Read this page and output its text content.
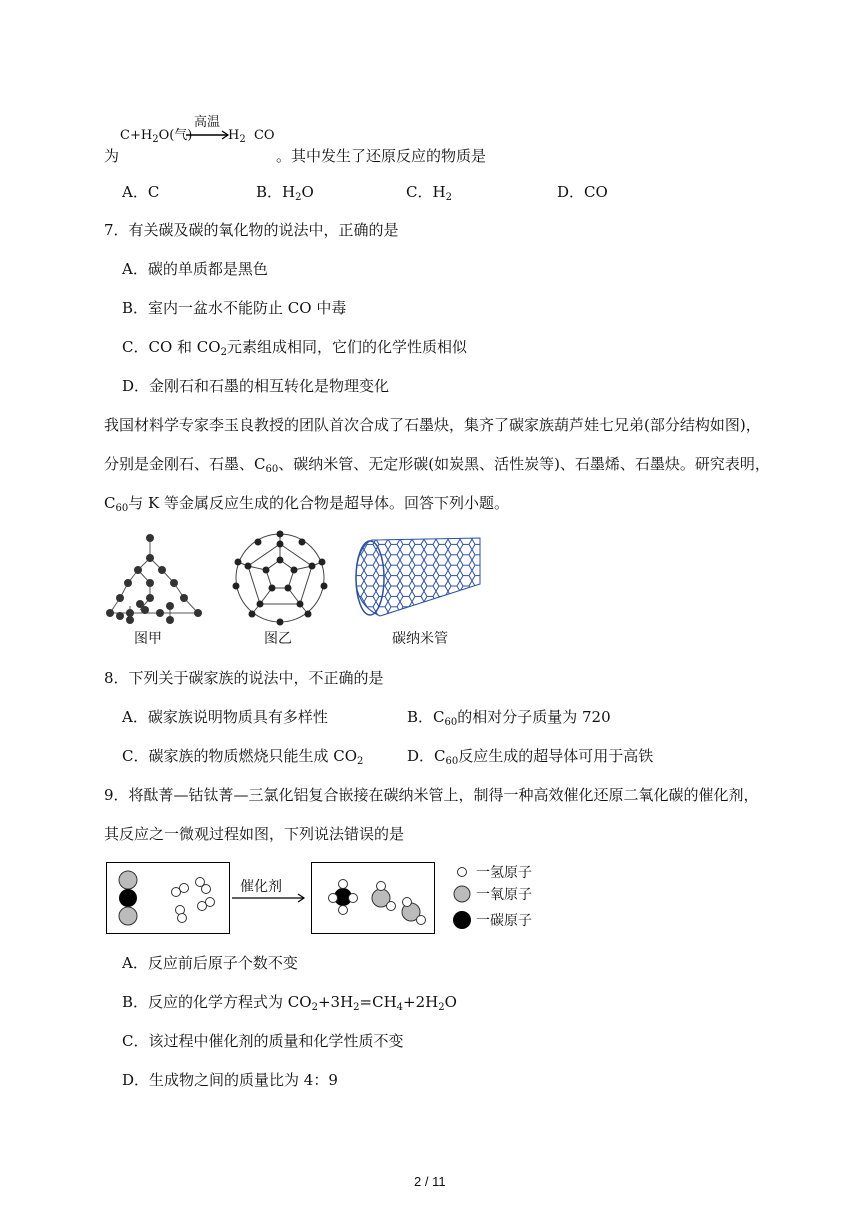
$C+H_2O$(气)
高温
$H_2$ CO
为	。其中发生了还原反应的物质是
A．C	B．$H_2O$	C．$H_2$	D．CO
7．有关碳及碳的氧化物的说法中，正确的是
A．碳的单质都是黑色
B．室内一盆水不能防止 CO 中毒
C．CO 和 $CO_2$元素组成相同，它们的化学性质相似
D．金刚石和石墨的相互转化是物理变化
我国材料学专家李玉良教授的团队首次合成了石墨炔，集齐了碳家族葫芦娃七兄弟(部分结构如图)，
分别是金刚石、石墨、$C_{60}$、碳纳米管、无定形碳(如炭黑、活性炭等)、石墨烯、石墨炔。研究表明，
$C_{60}$与 K 等金属反应生成的化合物是超导体。回答下列小题。
图甲	图乙	碳纳米管
8．下列关于碳家族的说法中，不正确的是
A．碳家族说明物质具有多样性	B．$C_{60}$的相对分子质量为 720
C．碳家族的物质燃烧只能生成 $CO_2$	D．$C_{60}$反应生成的超导体可用于高铁
9．将酞菁—钴钛菁—三氯化铝复合嵌接在碳纳米管上，制得一种高效催化还原二氧化碳的催化剂，
其反应之一微观过程如图，下列说法错误的是
催化剂
一氢原子
一氧原子
一碳原子
A．反应前后原子个数不变
B．反应的化学方程式为 $CO_2+3H_2=CH_4+2H_2O$
C．该过程中催化剂的质量和化学性质不变
D．生成物之间的质量比为 4：9
2 / 11
